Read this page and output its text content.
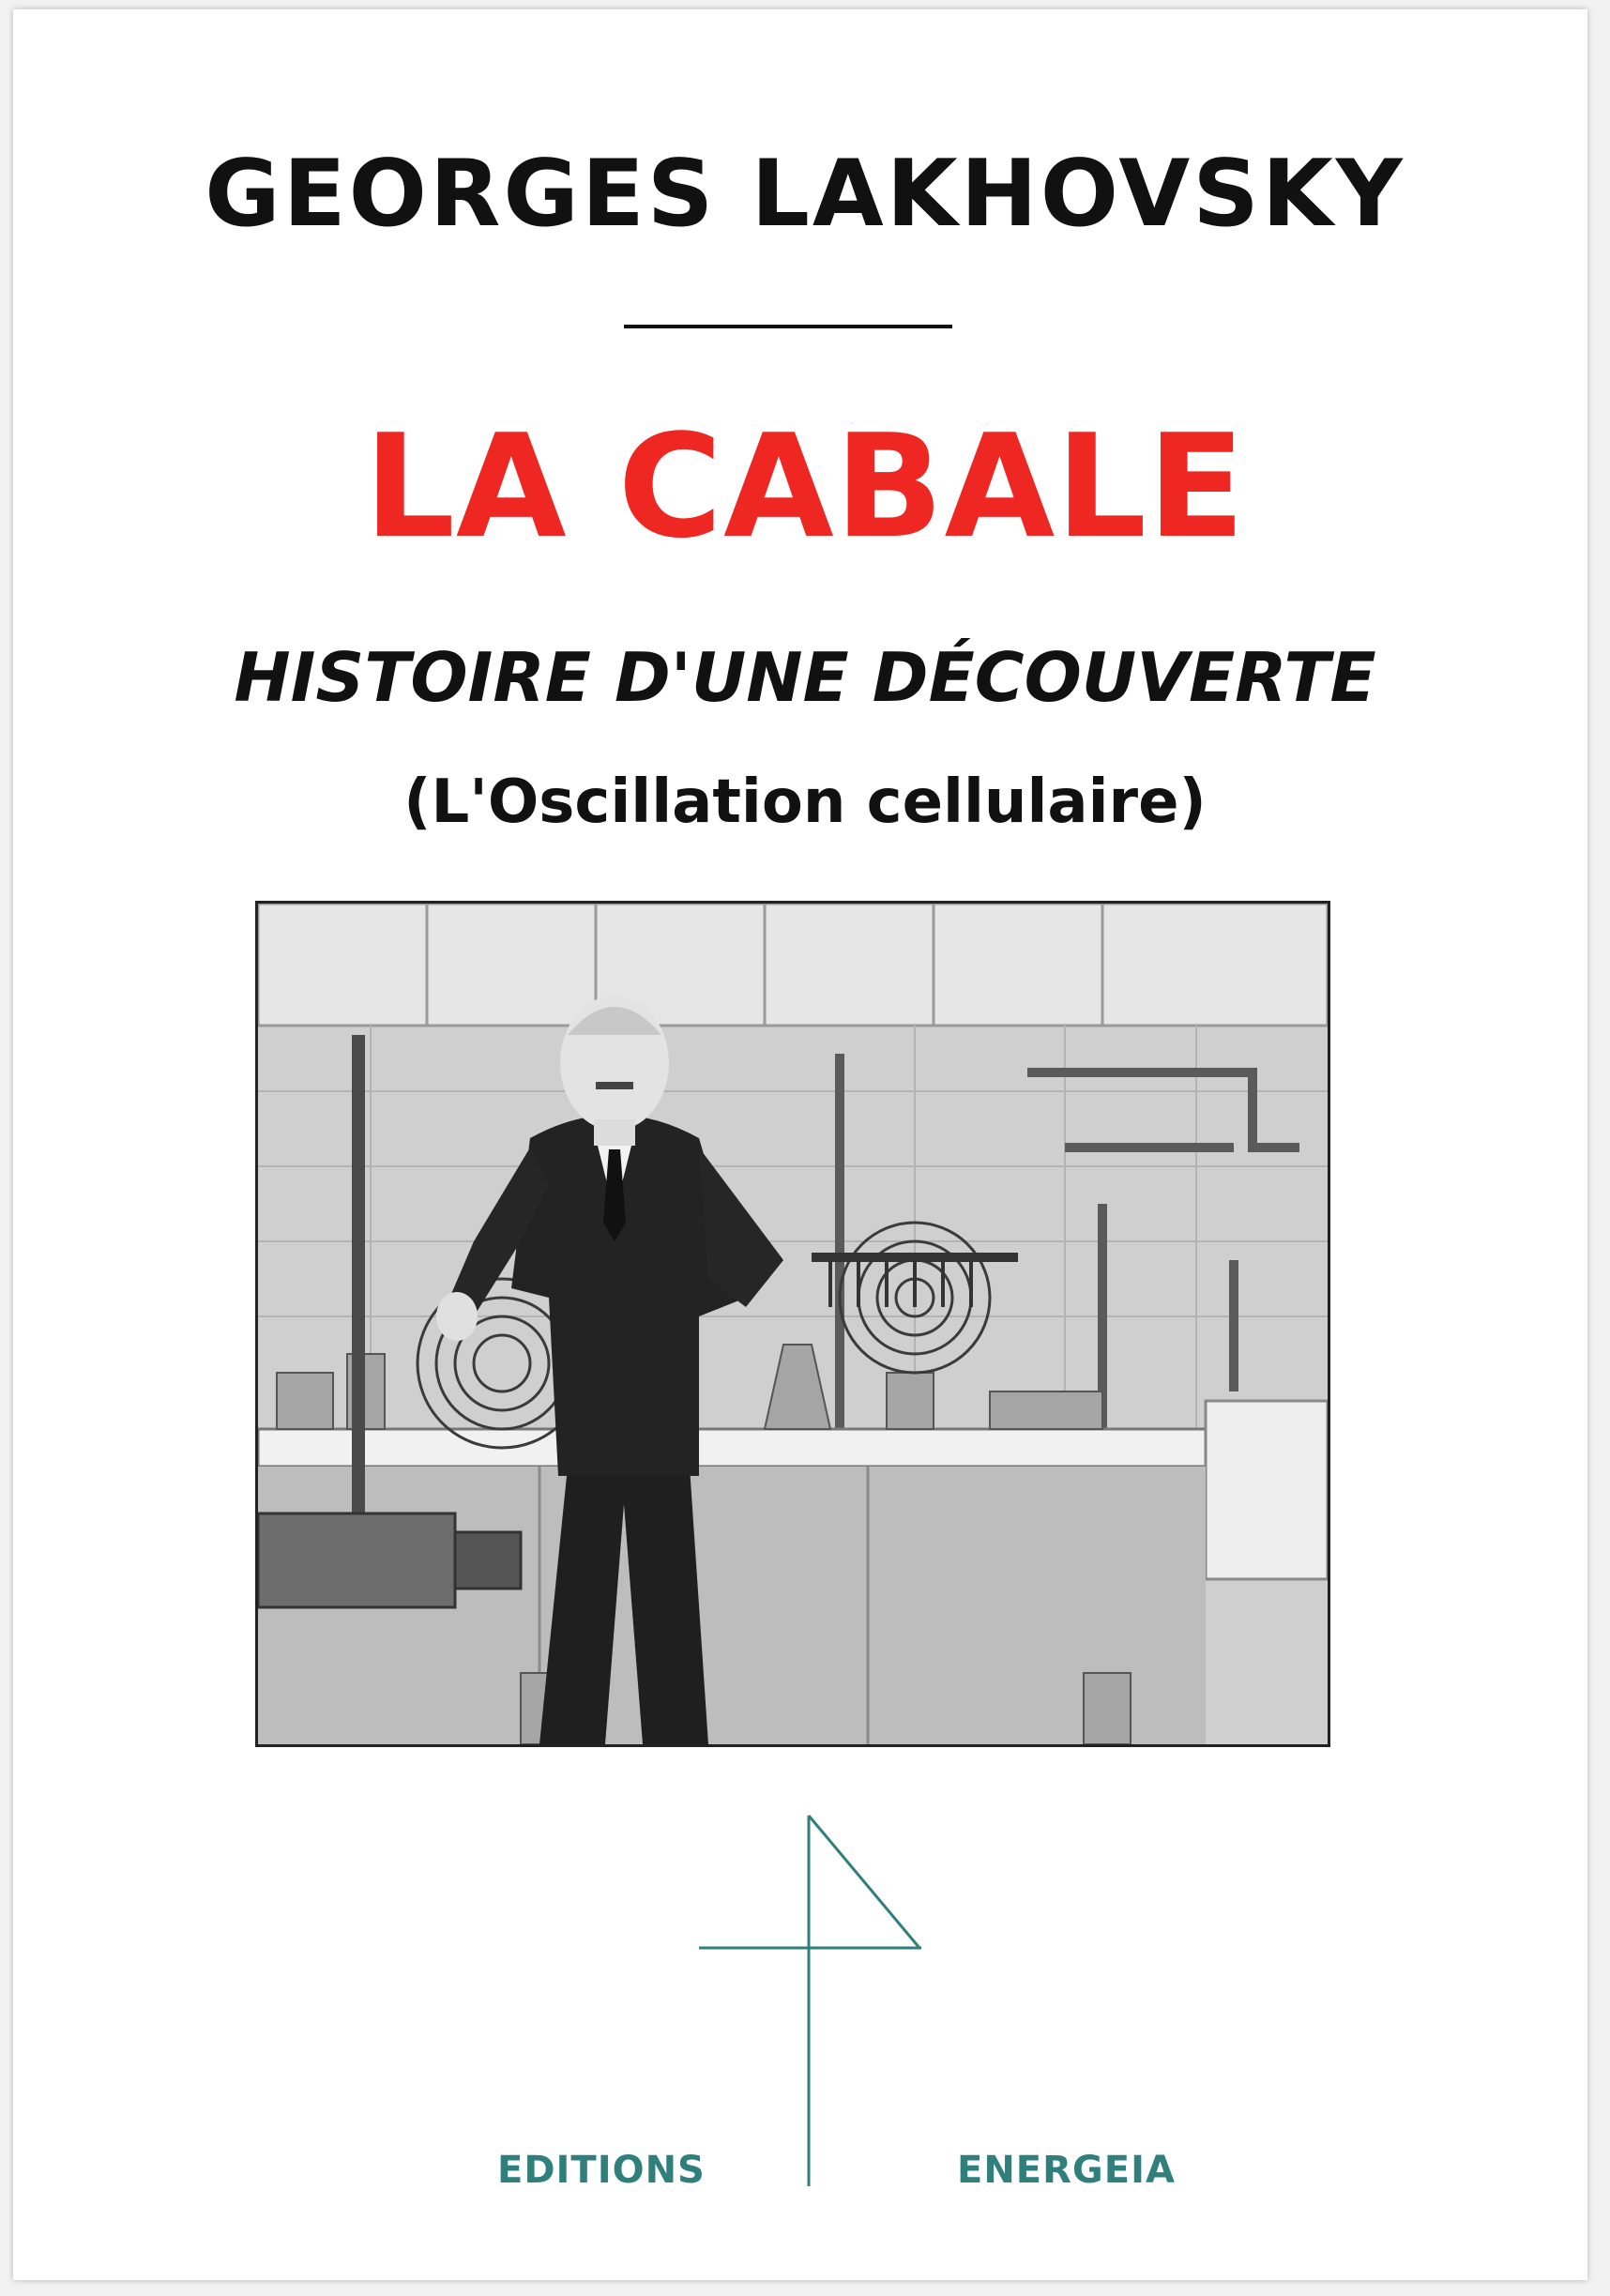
GEORGES LAKHOVSKY
LA CABALE
HISTOIRE D'UNE DÉCOUVERTE
(L'Oscillation cellulaire)
EDITIONS	ENERGEIA
